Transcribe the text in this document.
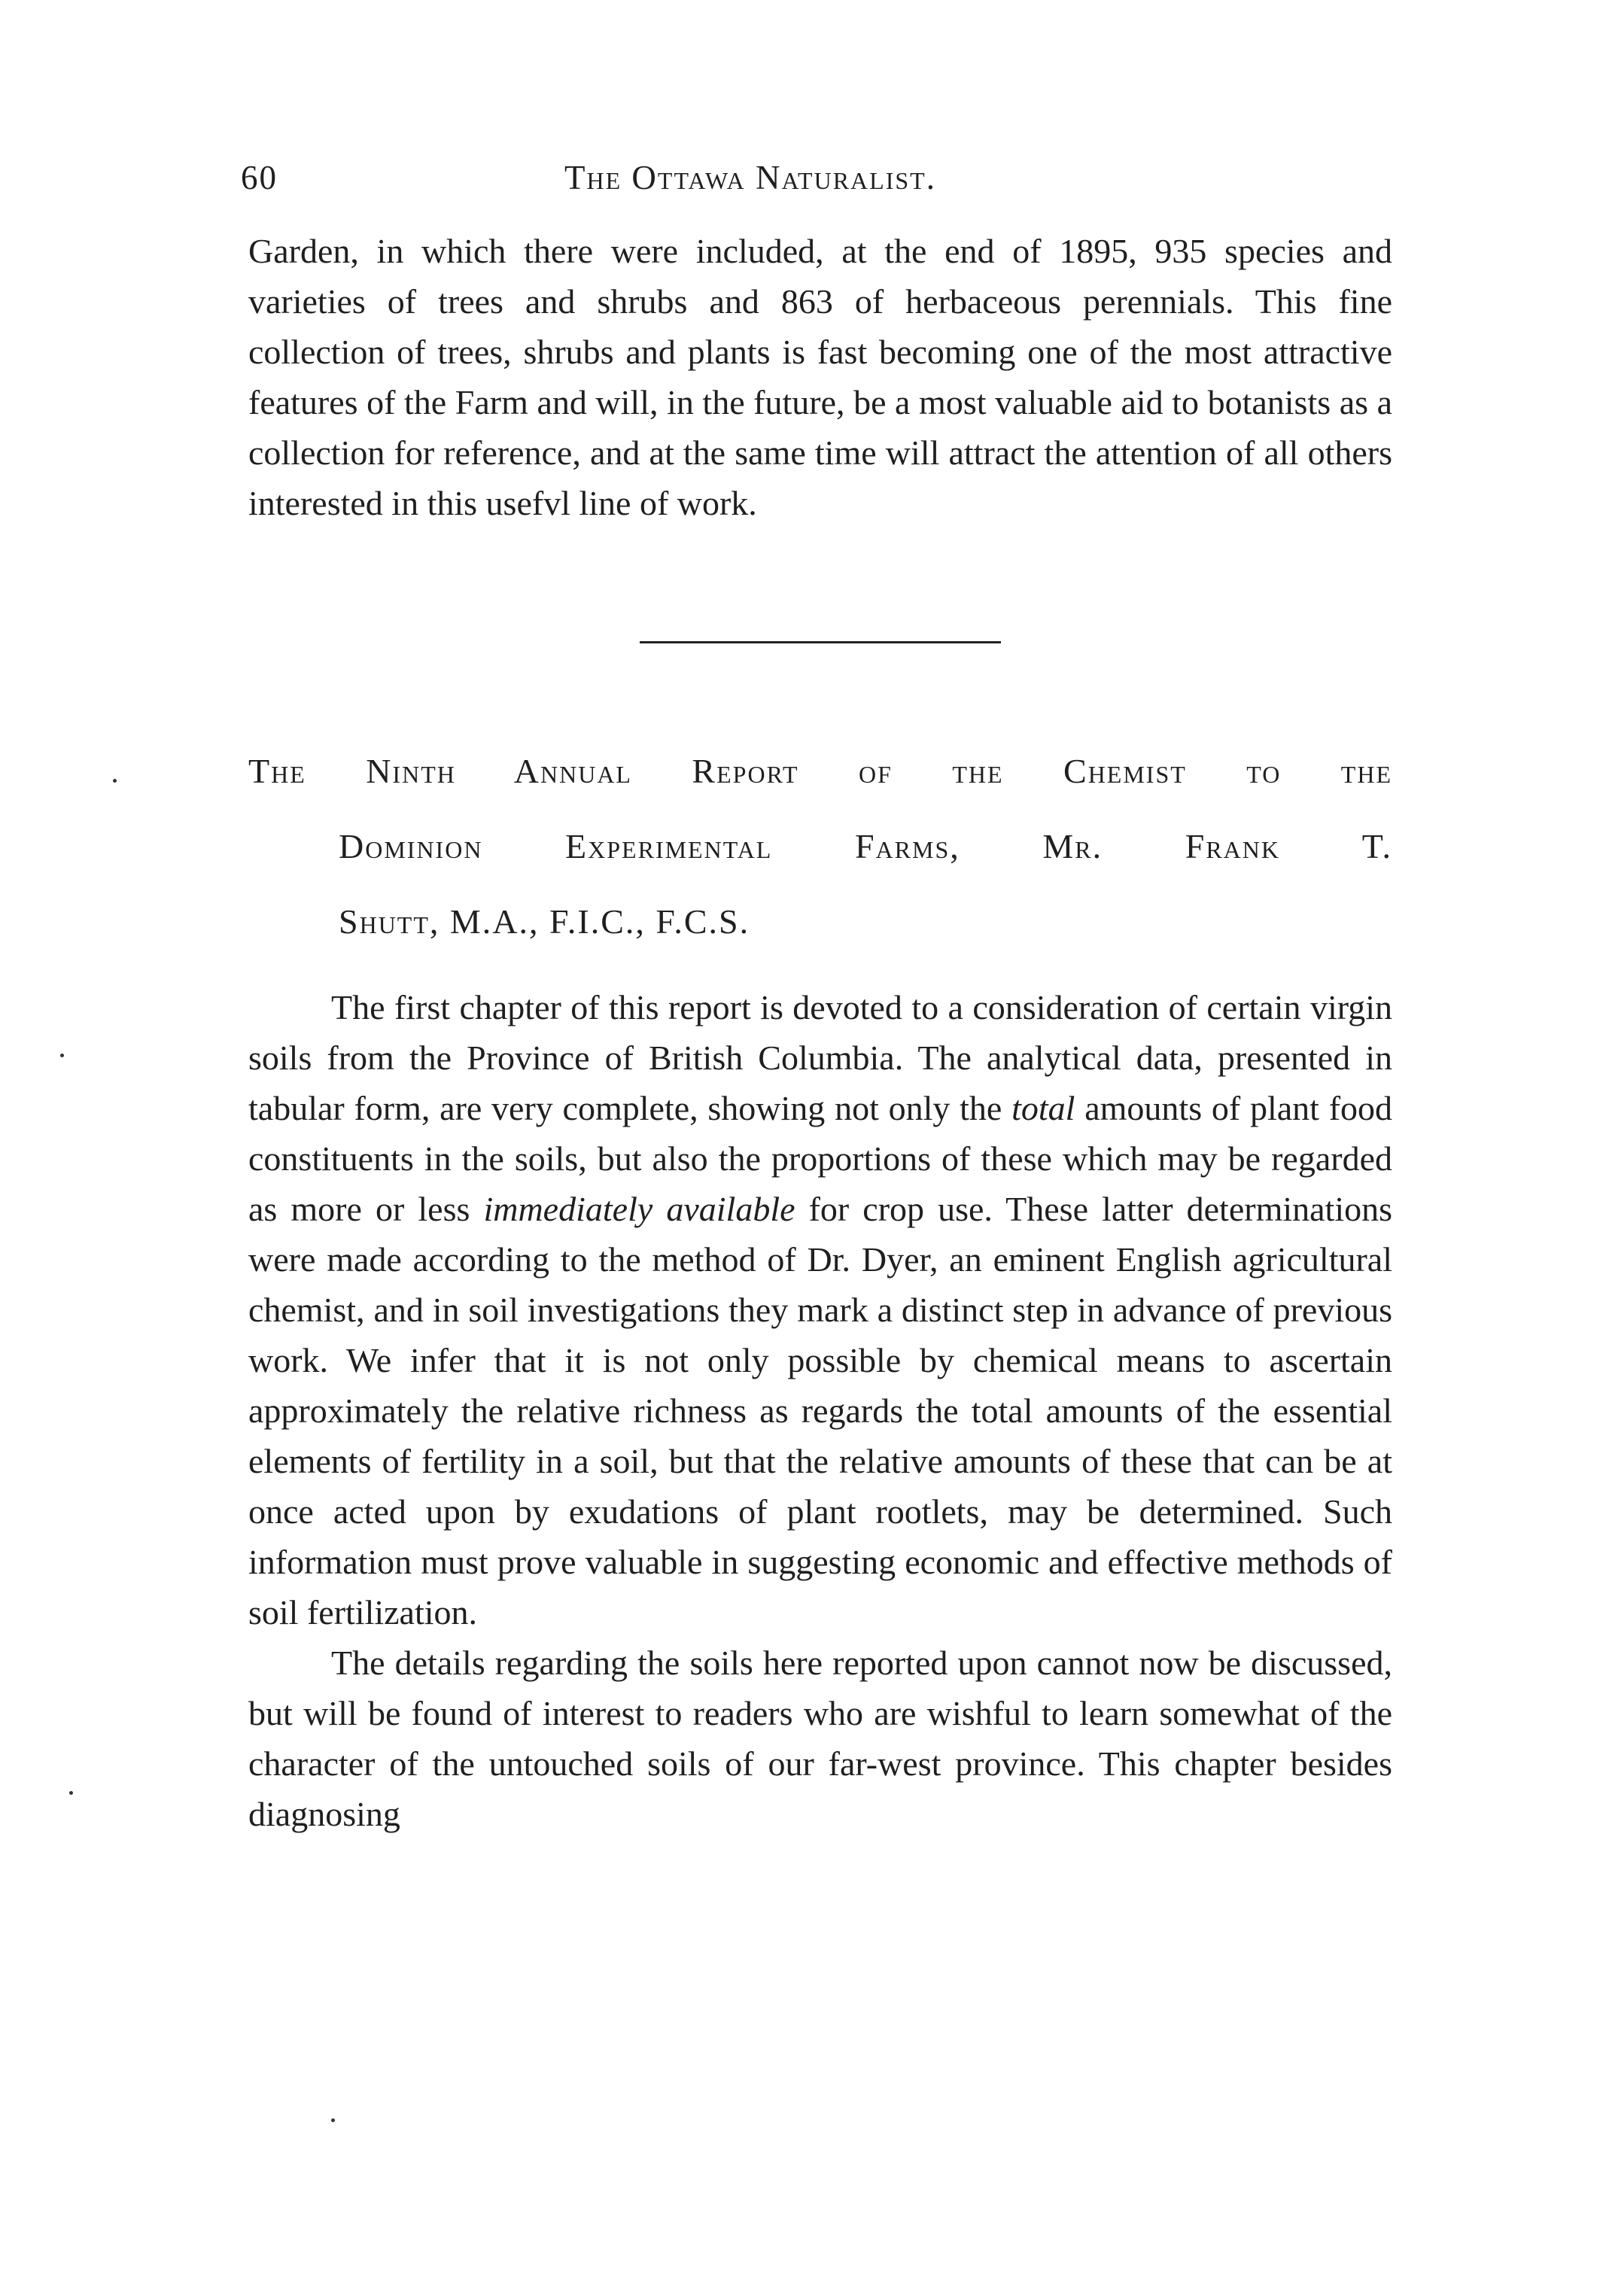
60	The Ottawa Naturalist.

Garden, in which there were included, at the end of 1895, 935 species and varieties of trees and shrubs and 863 of herbaceous perennials. This fine collection of trees, shrubs and plants is fast becoming one of the most attractive features of the Farm and will, in the future, be a most valuable aid to botanists as a collection for reference, and at the same time will attract the attention of all others interested in this usefvl line of work.

The Ninth Annual Report of the Chemist to the
Dominion Experimental Farms, Mr. Frank T.
Shutt, M.A., F.I.C., F.C.S.

The first chapter of this report is devoted to a consideration of certain virgin soils from the Province of British Columbia. The analytical data, presented in tabular form, are very complete, showing not only the total amounts of plant food constituents in the soils, but also the proportions of these which may be regarded as more or less immediately available for crop use. These latter determinations were made according to the method of Dr. Dyer, an eminent English agricultural chemist, and in soil investigations they mark a distinct step in advance of previous work. We infer that it is not only possible by chemical means to ascertain approximately the relative richness as regards the total amounts of the essential elements of fertility in a soil, but that the relative amounts of these that can be at once acted upon by exudations of plant rootlets, may be determined. Such information must prove valuable in suggesting economic and effective methods of soil fertilization.

The details regarding the soils here reported upon cannot now be discussed, but will be found of interest to readers who are wishful to learn somewhat of the character of the untouched soils of our far-west province. This chapter besides diagnosing
